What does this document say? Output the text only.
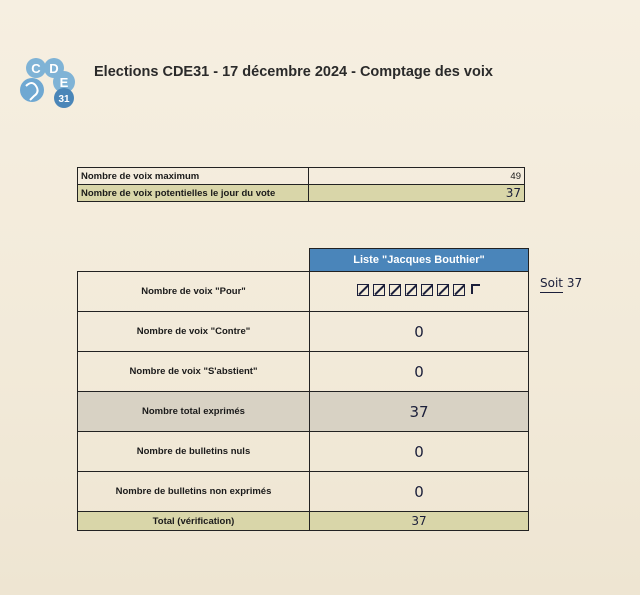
C D
E
31
Elections CDE31 - 17 décembre 2024 - Comptage des voix
Nombre de voix maximum	49
Nombre de voix potentielles le jour du vote	37
	Liste "Jacques Bouthier"
Nombre de voix "Pour"	

Nombre de voix "Contre"	0
Nombre de voix "S'abstient"	0
Nombre total exprimés	37
Nombre de bulletins nuls	0
Nombre de bulletins non exprimés	0
Total (vérification)	37
Soit 37
